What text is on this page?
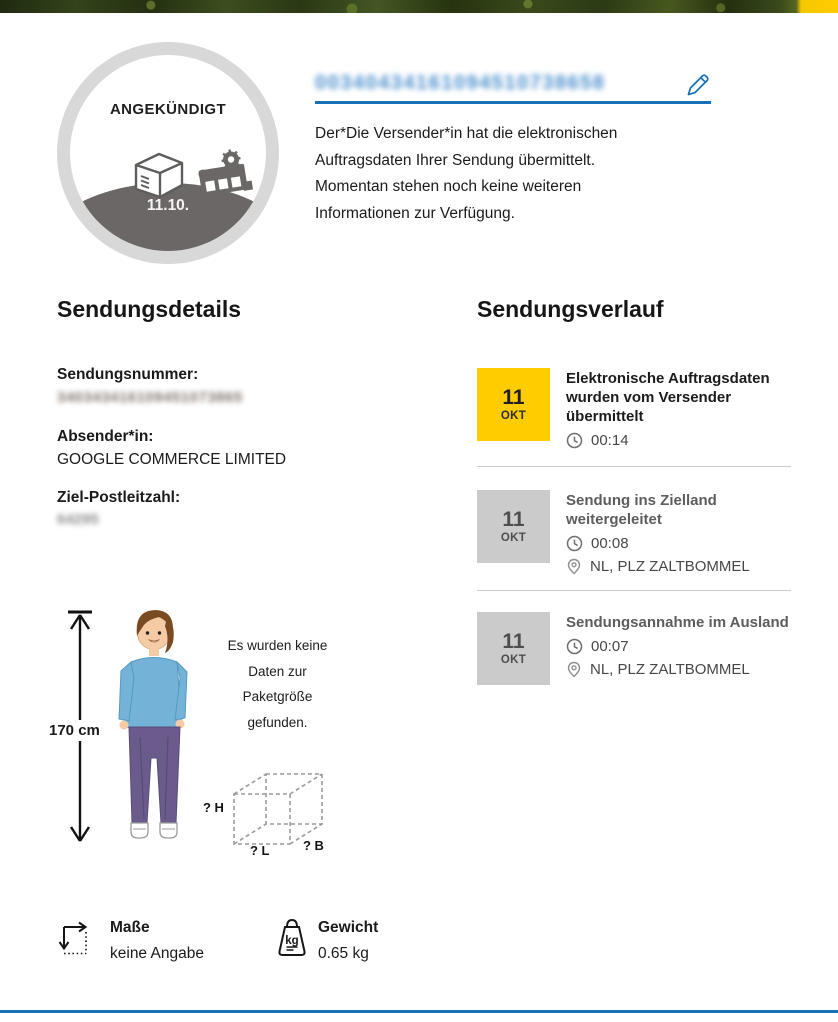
ANGEKÜNDIGT
11.10.
00340434161094510738658
Der*Die Versender*in hat die elektronischen
Auftragsdaten Ihrer Sendung übermittelt.
Momentan stehen noch keine weiteren
Informationen zur Verfügung.
Sendungsdetails
Sendungsnummer:
340343416109451073865
Absender*in:
GOOGLE COMMERCE LIMITED
Ziel-Postleitzahl:
64295
Sendungsverlauf
11
OKT
Elektronische Auftragsdaten wurden vom Versender übermittelt
00:14
11
OKT
Sendung ins Zielland weitergeleitet
00:08
NL, PLZ ZALTBOMMEL
11
OKT
Sendungsannahme im Ausland
00:07
NL, PLZ ZALTBOMMEL
170 cm
Es wurden keine
Daten zur
Paketgröße
gefunden.
? H
? L	? B
Maße
keine Angabe
kg
Gewicht
0.65 kg
